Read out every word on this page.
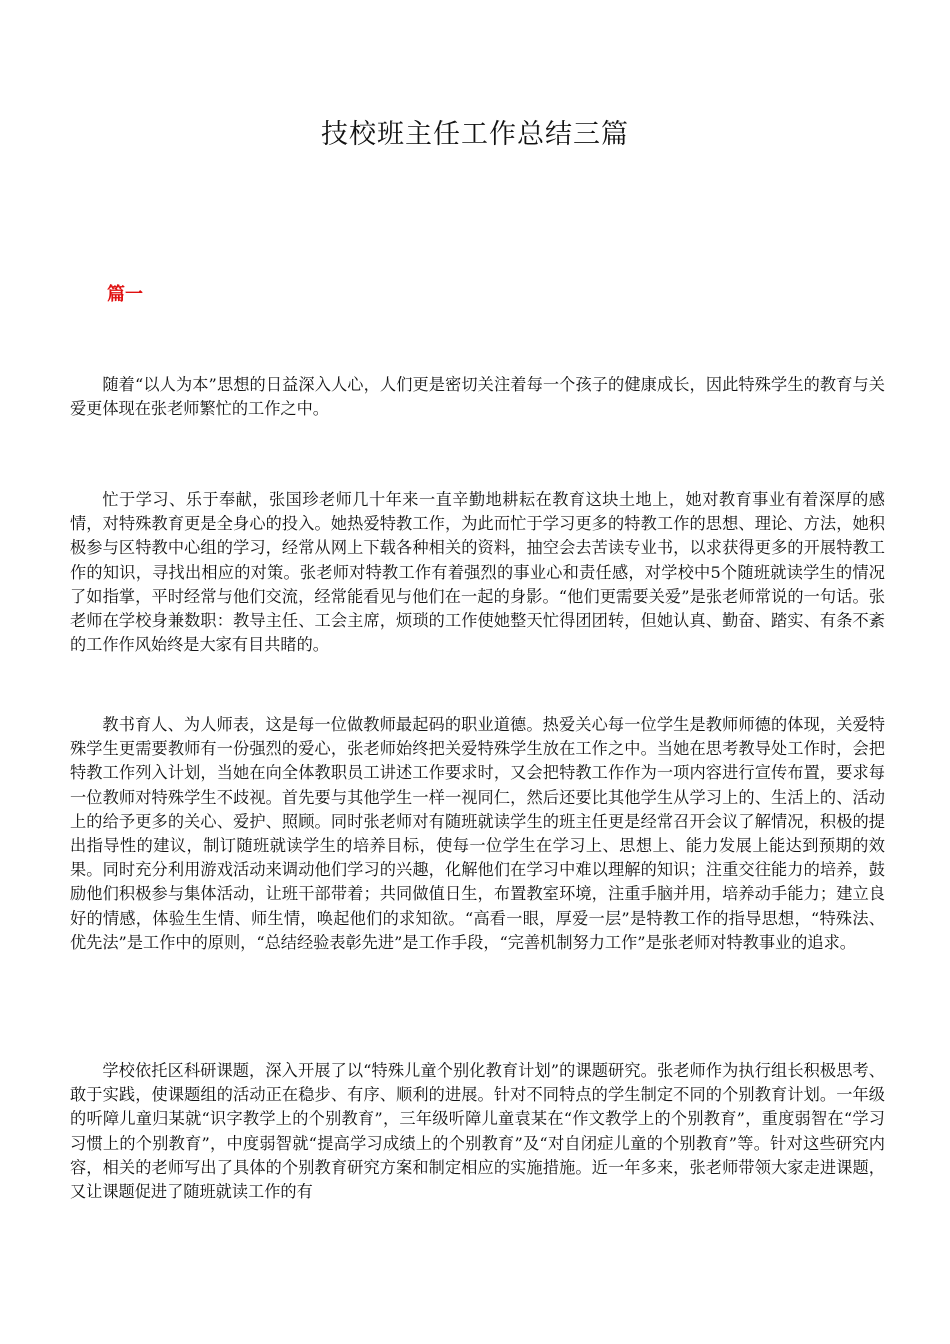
技校班主任工作总结三篇
篇一

随着“以人为本”思想的日益深入人心，人们更是密切关注着每一个孩子的健康成长，因此特殊学生的教育与关爱更体现在张老师繁忙的工作之中。

忙于学习、乐于奉献，张国珍老师几十年来一直辛勤地耕耘在教育这块土地上，她对教育事业有着深厚的感情，对特殊教育更是全身心的投入。她热爱特教工作，为此而忙于学习更多的特教工作的思想、理论、方法，她积极参与区特教中心组的学习，经常从网上下载各种相关的资料，抽空会去苦读专业书，以求获得更多的开展特教工作的知识，寻找出相应的对策。张老师对特教工作有着强烈的事业心和责任感，对学校中5个随班就读学生的情况了如指掌，平时经常与他们交流，经常能看见与他们在一起的身影。“他们更需要关爱”是张老师常说的一句话。张老师在学校身兼数职：教导主任、工会主席，烦琐的工作使她整天忙得团团转，但她认真、勤奋、踏实、有条不紊的工作作风始终是大家有目共睹的。

教书育人、为人师表，这是每一位做教师最起码的职业道德。热爱关心每一位学生是教师师德的体现，关爱特殊学生更需要教师有一份强烈的爱心，张老师始终把关爱特殊学生放在工作之中。当她在思考教导处工作时，会把特教工作列入计划，当她在向全体教职员工讲述工作要求时，又会把特教工作作为一项内容进行宣传布置，要求每一位教师对特殊学生不歧视。首先要与其他学生一样一视同仁，然后还要比其他学生从学习上的、生活上的、活动上的给予更多的关心、爱护、照顾。同时张老师对有随班就读学生的班主任更是经常召开会议了解情况，积极的提出指导性的建议，制订随班就读学生的培养目标，使每一位学生在学习上、思想上、能力发展上能达到预期的效果。同时充分利用游戏活动来调动他们学习的兴趣，化解他们在学习中难以理解的知识；注重交往能力的培养，鼓励他们积极参与集体活动，让班干部带着；共同做值日生，布置教室环境，注重手脑并用，培养动手能力；建立良好的情感，体验生生情、师生情，唤起他们的求知欲。“高看一眼，厚爱一层”是特教工作的指导思想，“特殊法、优先法”是工作中的原则，“总结经验表彰先进”是工作手段，“完善机制努力工作”是张老师对特教事业的追求。

学校依托区科研课题，深入开展了以“特殊儿童个别化教育计划”的课题研究。张老师作为执行组长积极思考、敢于实践，使课题组的活动正在稳步、有序、顺利的进展。针对不同特点的学生制定不同的个别教育计划。一年级的听障儿童归某就“识字教学上的个别教育”，三年级听障儿童袁某在“作文教学上的个别教育”，重度弱智在“学习习惯上的个别教育”，中度弱智就“提高学习成绩上的个别教育”及“对自闭症儿童的个别教育”等。针对这些研究内容，相关的老师写出了具体的个别教育研究方案和制定相应的实施措施。近一年多来，张老师带领大家走进课题，又让课题促进了随班就读工作的有
